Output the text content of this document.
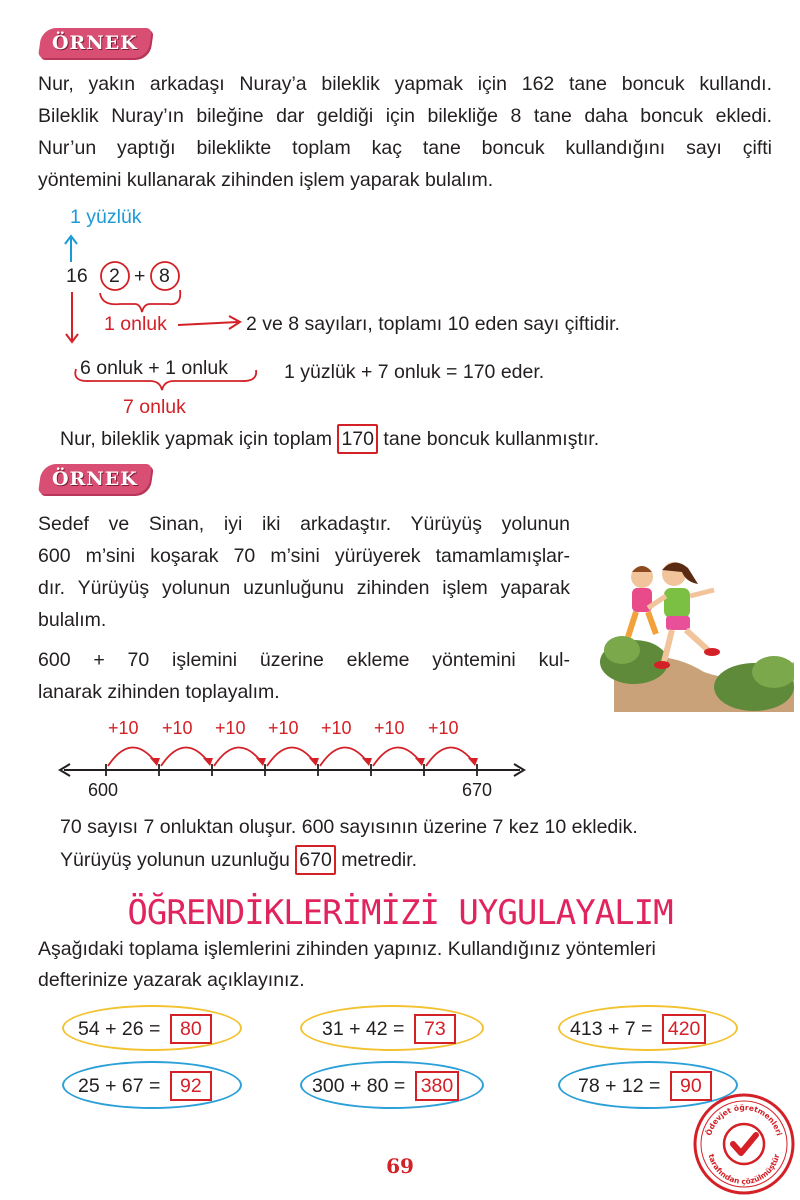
ÖRNEK
Nur, yakın arkadaşı Nuray’a bileklik yapmak için 162 tane boncuk kullandı.
Bileklik Nuray’ın bileğine dar geldiği için bilekliğe 8 tane daha boncuk ekledi.
Nur’un yaptığı bileklikte toplam kaç tane boncuk kullandığını sayı çifti
yöntemini kullanarak zihinden işlem yaparak bulalım.
1 yüzlük
16 2 + 8
1 onluk	2 ve 8 sayıları, toplamı 10 eden sayı çiftidir.
6 onluk + 1 onluk	1 yüzlük + 7 onluk = 170 eder.
7 onluk
Nur, bileklik yapmak için toplam 170 tane boncuk kullanmıştır.
ÖRNEK
Sedef ve Sinan, iyi iki arkadaştır. Yürüyüş yolunun
600 m’sini koşarak 70 m’sini yürüyerek tamamlamışlar-
dır. Yürüyüş yolunun uzunluğunu zihinden işlem yaparak
bulalım.
600 + 70 işlemini üzerine ekleme yöntemini kul-
lanarak zihinden toplayalım.
+10 +10 +10 +10 +10 +10 +10
600	670
70 sayısı 7 onluktan oluşur. 600 sayısının üzerine 7 kez 10 ekledik.
Yürüyüş yolunun uzunluğu 670 metredir.
ÖĞRENDİKLERİMİZİ UYGULAYALIM
Aşağıdaki toplama işlemlerini zihinden yapınız. Kullandığınız yöntemleri
defterinize yazarak açıklayınız.
54 + 26 = 80	31 + 42 = 73	413 + 7 = 420
25 + 67 = 92	300 + 80 = 380	78 + 12 = 90
Ödevjet öğretmenleri
tarafından çözülmüştür
69
